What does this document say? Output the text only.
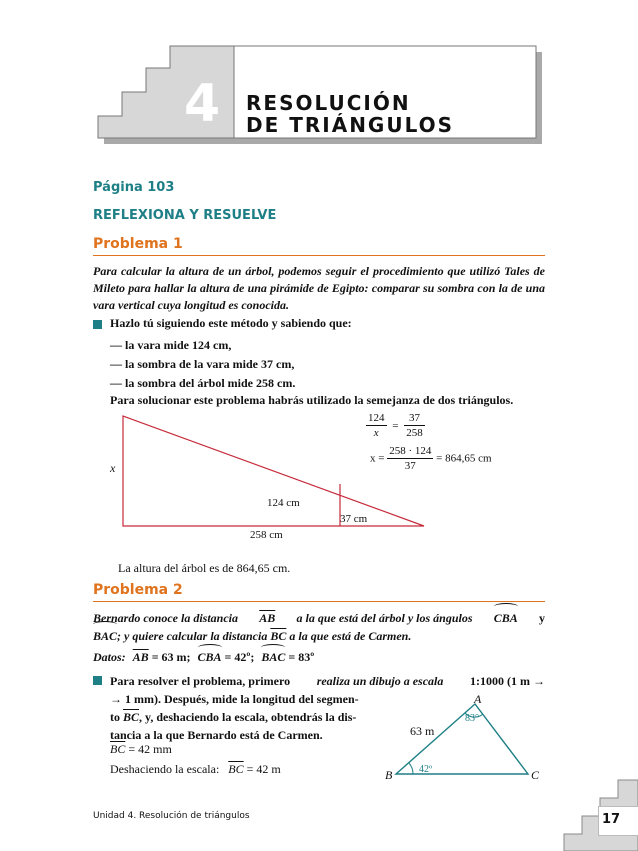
4 RESOLUCIÓN
DE TRIÁNGULOS
Página 103
REFLEXIONA Y RESUELVE
Problema 1
Para calcular la altura de un árbol, podemos seguir el procedimiento que utilizó Tales de Mileto para hallar la altura de una pirámide de Egipto: comparar su sombra con la de una vara vertical cuya longitud es conocida.
Hazlo tú siguiendo este método y sabiendo que:
— la vara mide 124 cm,
— la sombra de la vara mide 37 cm,
— la sombra del árbol mide 258 cm.
Para solucionar este problema habrás utilizado la semejanza de dos triángulos.
$\frac{124}{x} = \frac{37}{258}$
$x = \frac{258 \cdot 124}{37} = 864,65$ cm
x
124 cm
37 cm
258 cm
La altura del árbol es de 864,65 cm.
Problema 2
Bernardo conoce la distancia $\overline{AB}$ a la que está del árbol y los ángulos CBA y
BAC; y quiere calcular la distancia $\overline{BC}$ a la que está de Carmen.
Datos: $\overline{AB} = 63$ m; CBA = 42º; BAC = 83º
Para resolver el problema, primero realiza un dibujo a escala 1:1000 (1 m →
→ 1 mm). Después, mide la longitud del segmen-
to $\overline{BC}$, y, deshaciendo la escala, obtendrás la dis-
tancia a la que Bernardo está de Carmen.
$\overline{BC} = 42$ mm
Deshaciendo la escala: $\overline{BC} = 42$ m
A
B	C
63 m
83°
42º
Unidad 4. Resolución de triángulos	17
